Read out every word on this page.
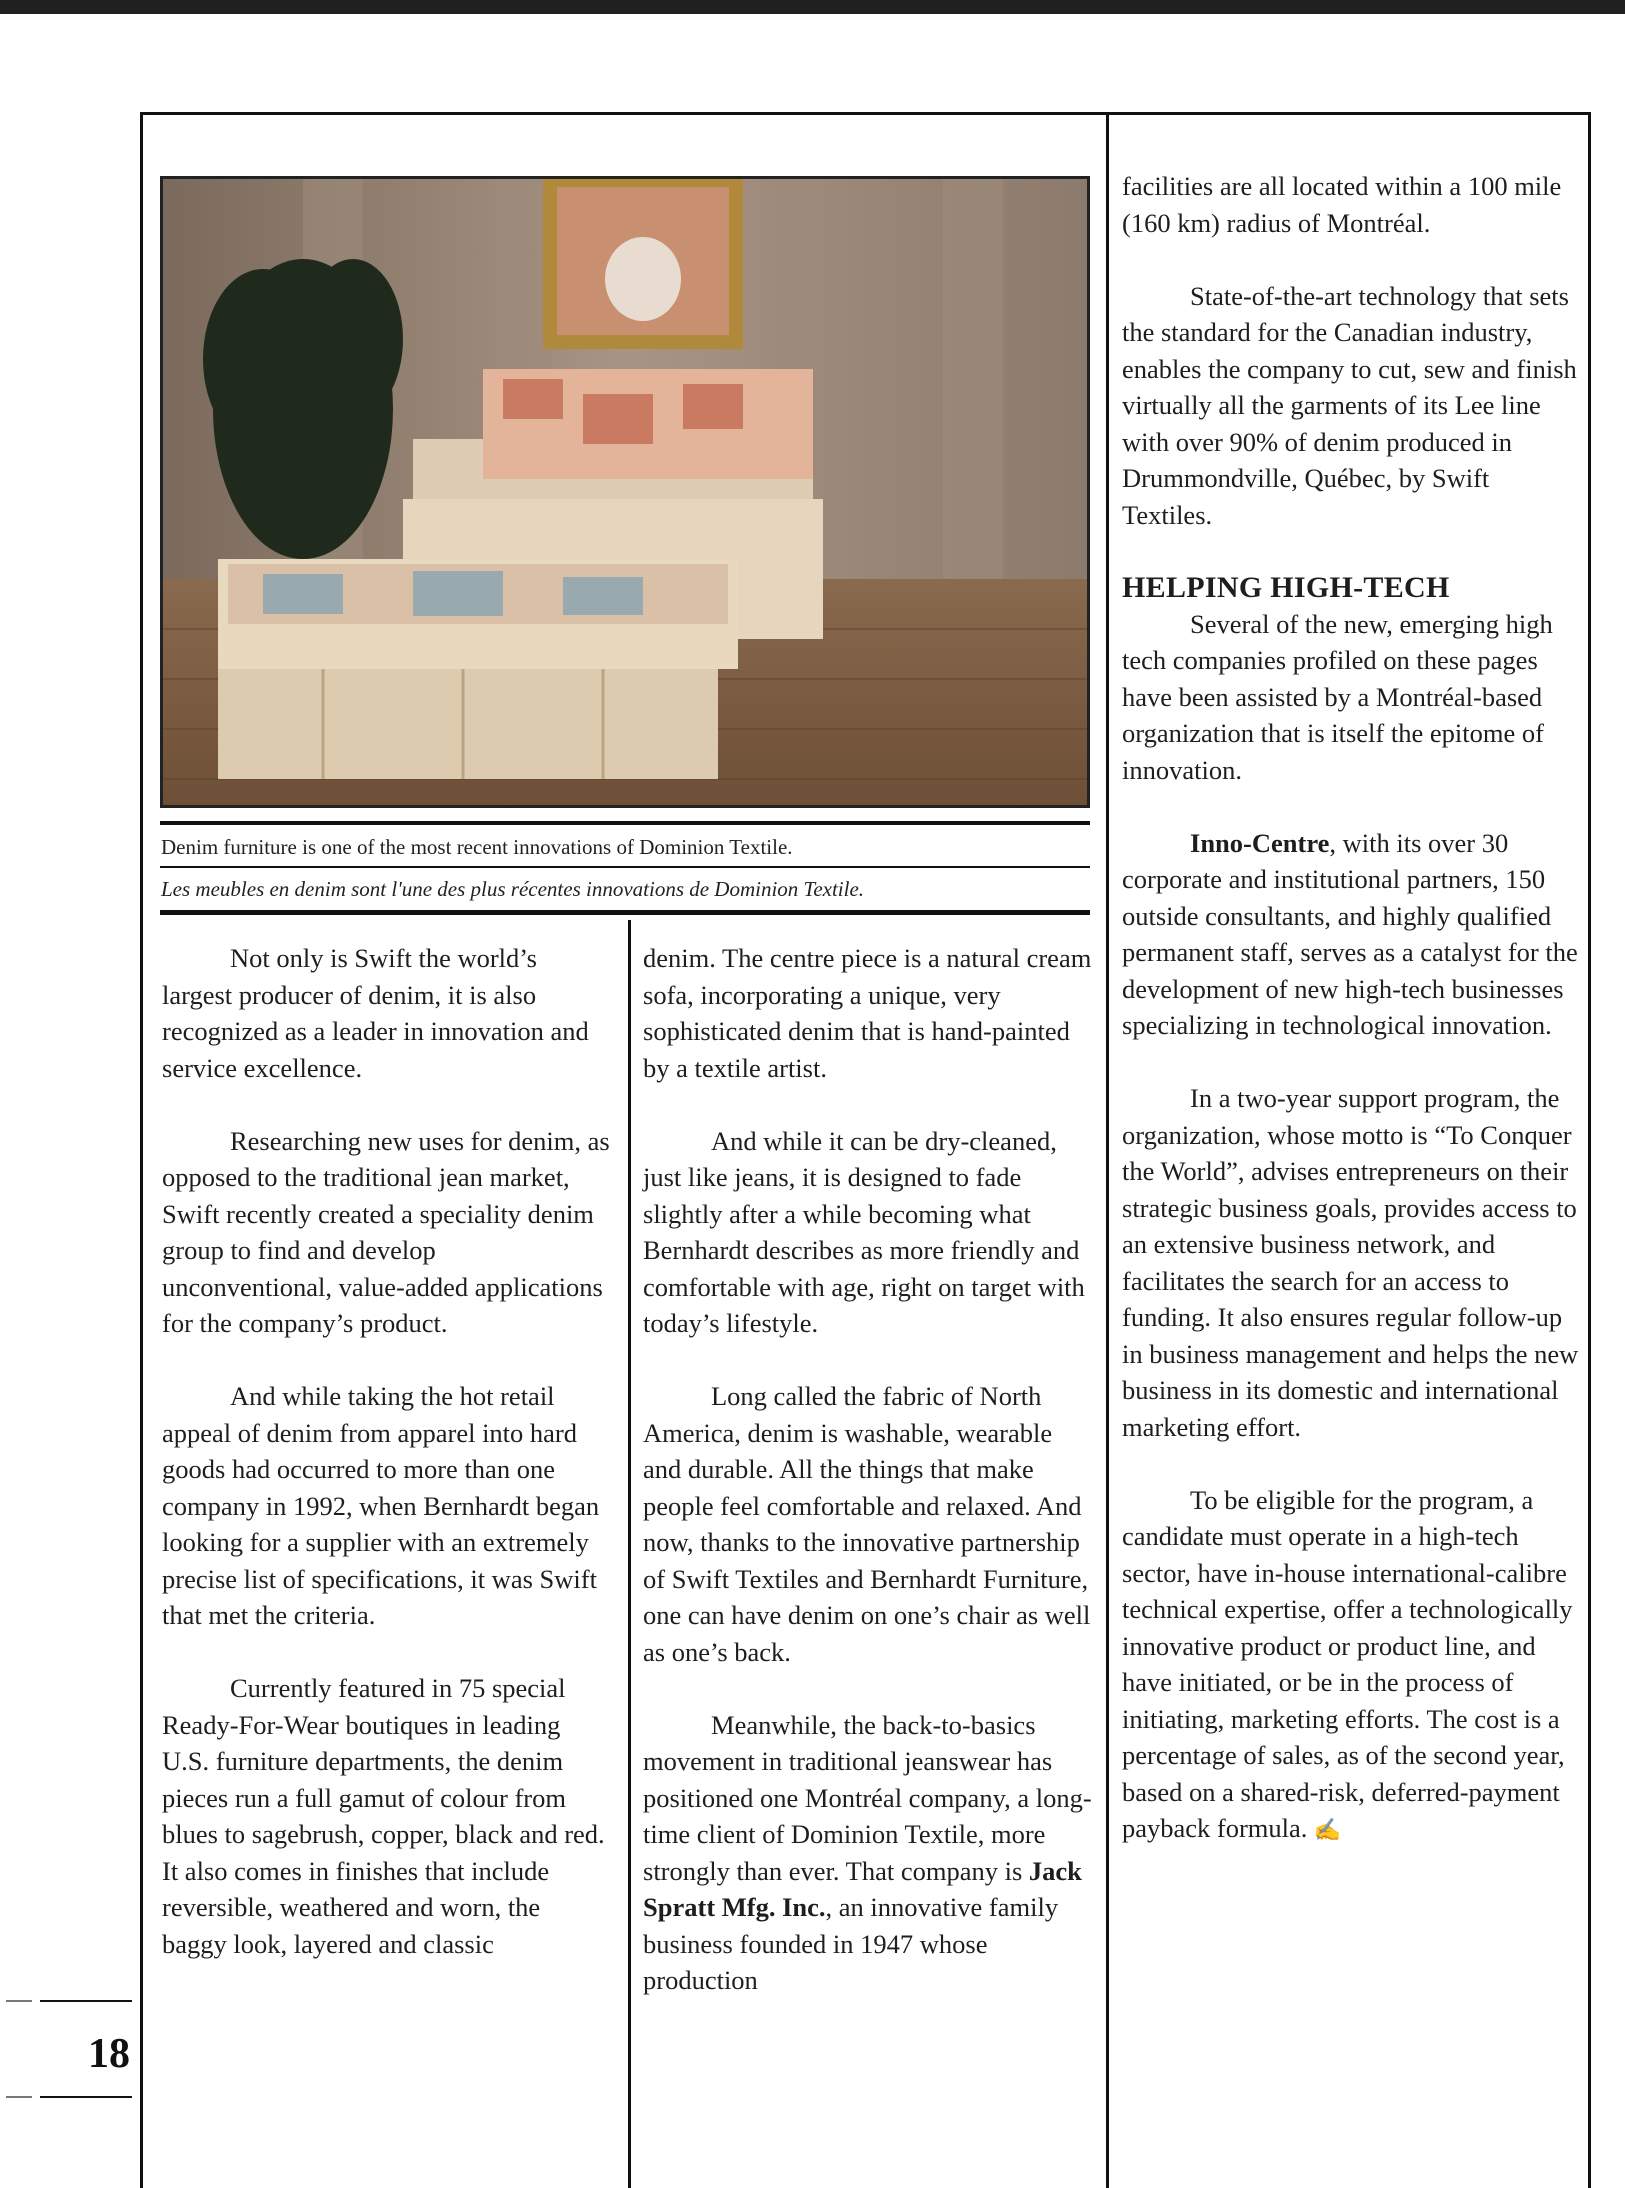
Denim furniture is one of the most recent innovations of Dominion Textile.
Les meubles en denim sont l'une des plus récentes innovations de Dominion Textile.

Not only is Swift the world’s largest producer of denim, it is also recognized as a leader in innovation and service excellence.

Researching new uses for denim, as opposed to the traditional jean market, Swift recently created a speciality denim group to find and develop unconventional, value-added applications for the company’s product.

And while taking the hot retail appeal of denim from apparel into hard goods had occurred to more than one company in 1992, when Bernhardt began looking for a supplier with an extremely precise list of specifications, it was Swift that met the criteria.

Currently featured in 75 special Ready-For-Wear boutiques in leading U.S. furniture departments, the denim pieces run a full gamut of colour from blues to sagebrush, copper, black and red. It also comes in finishes that include reversible, weathered and worn, the baggy look, layered and classic

denim. The centre piece is a natural cream sofa, incorporating a unique, very sophisticated denim that is hand-painted by a textile artist.

And while it can be dry-cleaned, just like jeans, it is designed to fade slightly after a while becoming what Bernhardt describes as more friendly and comfortable with age, right on target with today’s lifestyle.

Long called the fabric of North America, denim is washable, wearable and durable. All the things that make people feel comfortable and relaxed. And now, thanks to the innovative partnership of Swift Textiles and Bernhardt Furniture, one can have denim on one’s chair as well as one’s back.

Meanwhile, the back-to-basics movement in traditional jeanswear has positioned one Montréal company, a long-time client of Dominion Textile, more strongly than ever. That company is Jack Spratt Mfg. Inc., an innovative family business founded in 1947 whose production

facilities are all located within a 100 mile (160 km) radius of Montréal.

State-of-the-art technology that sets the standard for the Canadian industry, enables the company to cut, sew and finish virtually all the garments of its Lee line with over 90% of denim produced in Drummondville, Québec, by Swift Textiles.

HELPING HIGH-TECH

Several of the new, emerging high tech companies profiled on these pages have been assisted by a Montréal-based organization that is itself the epitome of innovation.

Inno-Centre, with its over 30 corporate and institutional partners, 150 outside consultants, and highly qualified permanent staff, serves as a catalyst for the development of new high-tech businesses specializing in technological innovation.

In a two-year support program, the organization, whose motto is “To Conquer the World”, advises entrepreneurs on their strategic business goals, provides access to an extensive business network, and facilitates the search for an access to funding. It also ensures regular follow-up in business management and helps the new business in its domestic and international marketing effort.

To be eligible for the program, a candidate must operate in a high-tech sector, have in-house international-calibre technical expertise, offer a technologically innovative product or product line, and have initiated, or be in the process of initiating, marketing efforts. The cost is a percentage of sales, as of the second year, based on a shared-risk, deferred-payment payback formula. ✍

18
